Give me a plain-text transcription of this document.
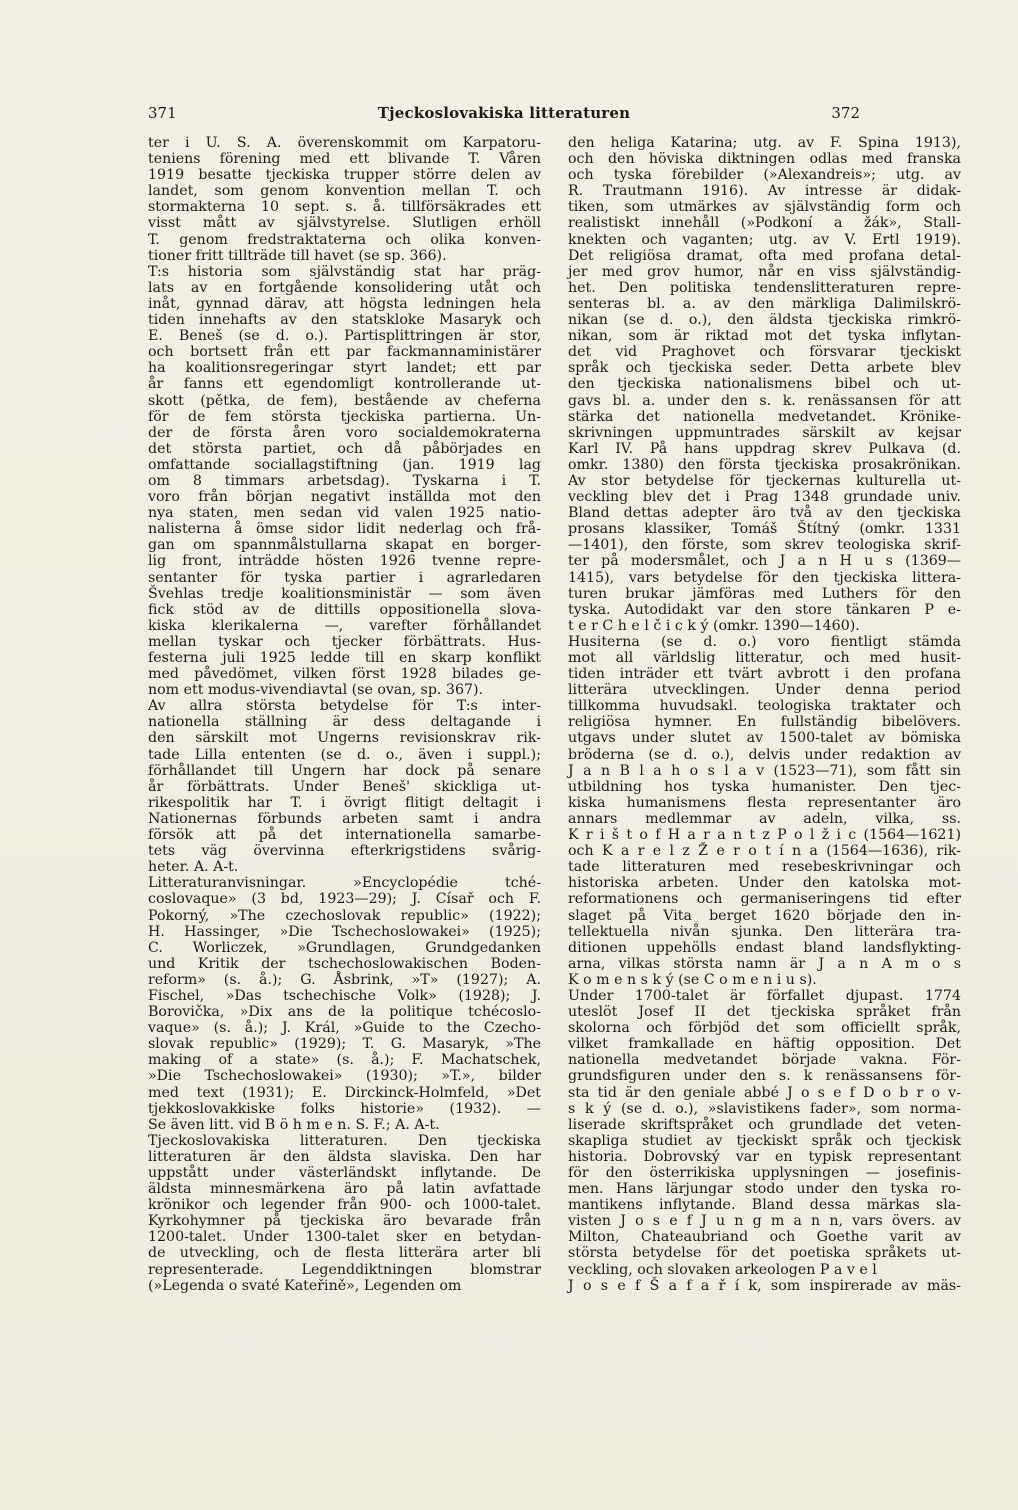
371	Tjeckoslovakiska litteraturen	372
ter i U. S. A. överenskommit om Karpatoru-
teniens förening med ett blivande T. Våren
1919 besatte tjeckiska trupper större delen av
landet, som genom konvention mellan T. och
stormakterna 10 sept. s. å. tillförsäkrades ett
visst mått av självstyrelse. Slutligen erhöll
T. genom fredstraktaterna och olika konven-
tioner fritt tillträde till havet (se sp. 366).
T:s historia som självständig stat har präg-
lats av en fortgående konsolidering utåt och
inåt, gynnad därav, att högsta ledningen hela
tiden innehafts av den statskloke Masaryk och
E. Beneš (se d. o.). Partisplittringen är stor,
och bortsett från ett par fackmannaministärer
ha koalitionsregeringar styrt landet; ett par
år fanns ett egendomligt kontrollerande ut-
skott (pětka, de fem), bestående av cheferna
för de fem största tjeckiska partierna. Un-
der de första åren voro socialdemokraterna
det största partiet, och då påbörjades en
omfattande sociallagstiftning (jan. 1919 lag
om 8 timmars arbetsdag). Tyskarna i T.
voro från början negativt inställda mot den
nya staten, men sedan vid valen 1925 natio-
nalisterna å ömse sidor lidit nederlag och frå-
gan om spannmålstullarna skapat en borger-
lig front, inträdde hösten 1926 tvenne repre-
sentanter för tyska partier i agrarledaren
Švehlas tredje koalitionsministär — som även
fick stöd av de dittills oppositionella slova-
kiska klerikalerna —, varefter förhållandet
mellan tyskar och tjecker förbättrats. Hus-
festerna juli 1925 ledde till en skarp konflikt
med påvedömet, vilken först 1928 bilades ge-
nom ett modus-vivendiavtal (se ovan, sp. 367).
Av allra största betydelse för T:s inter-
nationella ställning är dess deltagande i
den särskilt mot Ungerns revisionskrav rik-
tade Lilla ententen (se d. o., även i suppl.);
förhållandet till Ungern har dock på senare
år förbättrats. Under Beneš' skickliga ut-
rikespolitik har T. i övrigt flitigt deltagit i
Nationernas förbunds arbeten samt i andra
försök att på det internationella samarbe-
tets väg övervinna efterkrigstidens svårig-
heter. A. A-t.
Litteraturanvisningar. »Encyclopédie tché-
coslovaque» (3 bd, 1923—29); J. Císař och F.
Pokorný, »The czechoslovak republic» (1922);
H. Hassinger, »Die Tschechoslowakei» (1925);
C. Worliczek, »Grundlagen, Grundgedanken
und Kritik der tschechoslowakischen Boden-
reform» (s. å.); G. Åsbrink, »T» (1927); A.
Fischel, »Das tschechische Volk» (1928); J.
Borovička, »Dix ans de la politique tchécoslo-
vaque» (s. å.); J. Král, »Guide to the Czecho-
slovak republic» (1929); T. G. Masaryk, »The
making of a state» (s. å.); F. Machatschek,
»Die Tschechoslowakei» (1930); »T.», bilder
med text (1931); E. Dirckinck-Holmfeld, »Det
tjekkoslovakkiske folks historie» (1932). —
Se även litt. vid B ö h m e n. S. F.; A. A-t.
Tjeckoslovakiska litteraturen. Den tjeckiska
litteraturen är den äldsta slaviska. Den har
uppstått under västerländskt inflytande. De
äldsta minnesmärkena äro på latin avfattade
krönikor och legender från 900- och 1000-talet.
Kyrkohymner på tjeckiska äro bevarade från
1200-talet. Under 1300-talet sker en betydan-
de utveckling, och de flesta litterära arter bli
representerade. Legenddiktningen blomstrar
(»Legenda o svaté Kateřině», Legenden om
den heliga Katarina; utg. av F. Spina 1913),
och den höviska diktningen odlas med franska
och tyska förebilder (»Alexandreis»; utg. av
R. Trautmann 1916). Av intresse är didak-
tiken, som utmärkes av självständig form och
realistiskt innehåll (»Podkoní a žák», Stall-
knekten och vaganten; utg. av V. Ertl 1919).
Det religiösa dramat, ofta med profana detal-
jer med grov humor, når en viss självständig-
het. Den politiska tendenslitteraturen repre-
senteras bl. a. av den märkliga Dalimilskrö-
nikan (se d. o.), den äldsta tjeckiska rimkrö-
nikan, som är riktad mot det tyska inflytan-
det vid Praghovet och försvarar tjeckiskt
språk och tjeckiska seder. Detta arbete blev
den tjeckiska nationalismens bibel och ut-
gavs bl. a. under den s. k. renässansen för att
stärka det nationella medvetandet. Krönike-
skrivningen uppmuntrades särskilt av kejsar
Karl IV. På hans uppdrag skrev Pulkava (d.
omkr. 1380) den första tjeckiska prosakrönikan.
Av stor betydelse för tjeckernas kulturella ut-
veckling blev det i Prag 1348 grundade univ.
Bland dettas adepter äro två av den tjeckiska
prosans klassiker, Tomáš Štítný (omkr. 1331
—1401), den förste, som skrev teologiska skrif-
ter på modersmålet, och J a n H u s (1369—
1415), vars betydelse för den tjeckiska littera-
turen brukar jämföras med Luthers för den
tyska. Autodidakt var den store tänkaren P e-
t e r C h e l č i c k ý (omkr. 1390—1460).
Husiterna (se d. o.) voro fientligt stämda
mot all världslig litteratur, och med husit-
tiden inträder ett tvärt avbrott i den profana
litterära utvecklingen. Under denna period
tillkomma huvudsakl. teologiska traktater och
religiösa hymner. En fullständig bibelövers.
utgavs under slutet av 1500-talet av bömiska
bröderna (se d. o.), delvis under redaktion av
J a n B l a h o s l a v (1523—71), som fått sin
utbildning hos tyska humanister. Den tjec-
kiska humanismens flesta representanter äro
annars medlemmar av adeln, vilka, ss.
K r i š t o f H a r a n t z P o l ž i c (1564—1621)
och K a r e l z Ž e r o t í n a (1564—1636), rik-
tade litteraturen med resebeskrivningar och
historiska arbeten. Under den katolska mot-
reformationens och germaniseringens tid efter
slaget på Vita berget 1620 började den in-
tellektuella nivån sjunka. Den litterära tra-
ditionen uppehölls endast bland landsflykting-
arna, vilkas största namn är J a n A m o s
K o m e n s k ý (se C o m e n i u s).
Under 1700-talet är förfallet djupast. 1774
uteslöt Josef II det tjeckiska språket från
skolorna och förbjöd det som officiellt språk,
vilket framkallade en häftig opposition. Det
nationella medvetandet började vakna. För-
grundsfiguren under den s. k renässansens för-
sta tid är den geniale abbé J o s e f D o b r o v-
s k ý (se d. o.), »slavistikens fader», som norma-
liserade skriftspråket och grundlade det veten-
skapliga studiet av tjeckiskt språk och tjeckisk
historia. Dobrovský var en typisk representant
för den österrikiska upplysningen — josefinis-
men. Hans lärjungar stodo under den tyska ro-
mantikens inflytande. Bland dessa märkas sla-
visten J o s e f J u n g m a n n, vars övers. av
Milton, Chateaubriand och Goethe varit av
största betydelse för det poetiska språkets ut-
veckling, och slovaken arkeologen P a v e l
J o s e f Š a f a ř í k, som inspirerade av mäs-
